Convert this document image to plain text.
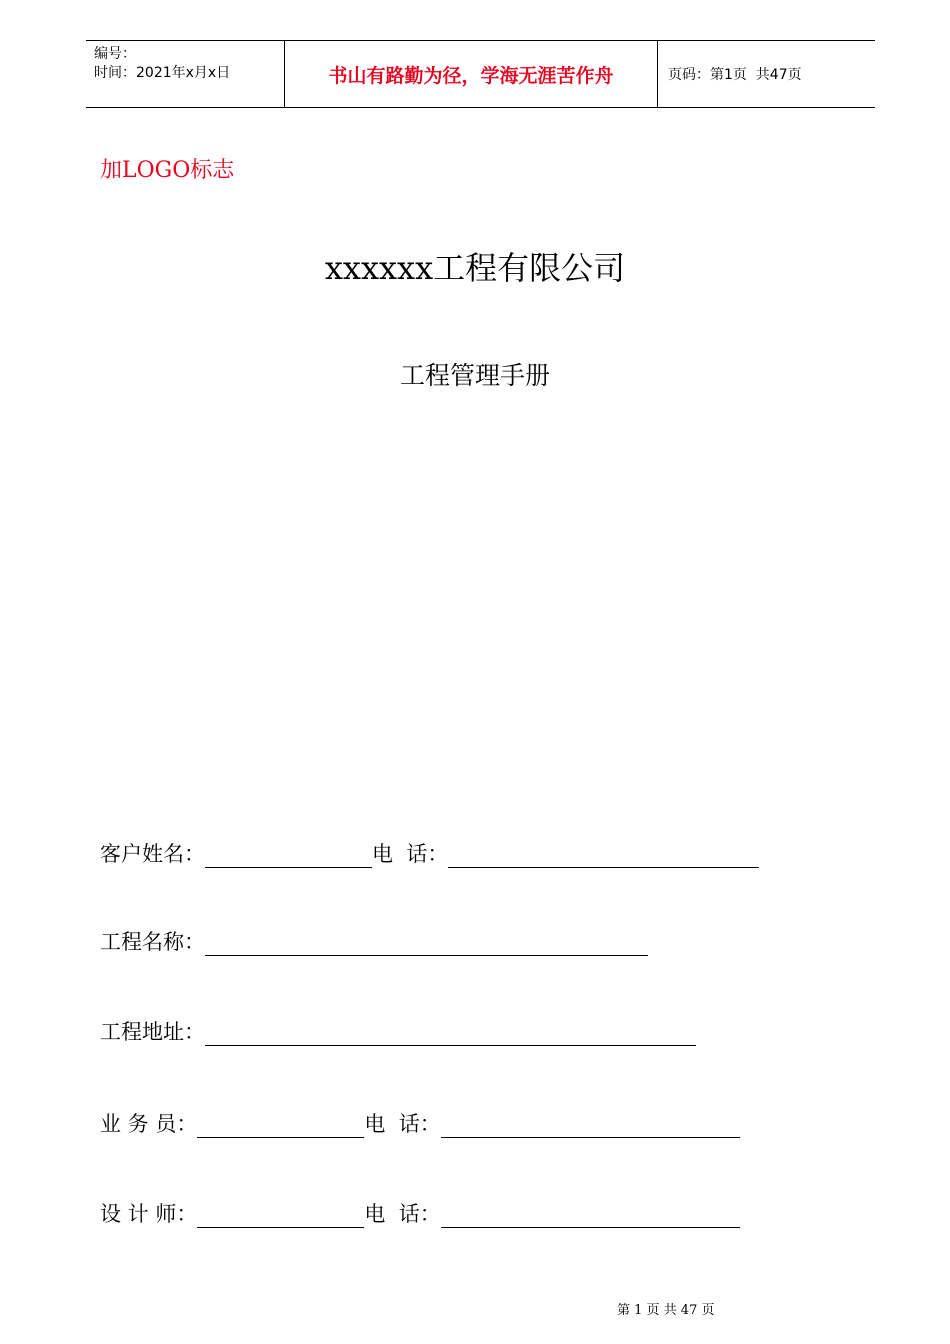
编号：
时间：2021年x月x日	书山有路勤为径，学海无涯苦作舟	页码：第1页  共47页
加LOGO标志
xxxxxx工程有限公司
工程管理手册
客户姓名：	电  话：
工程名称：
工程地址：
业 务 员：	电  话：
设 计 师：	电  话：
第 1 页 共 47 页
